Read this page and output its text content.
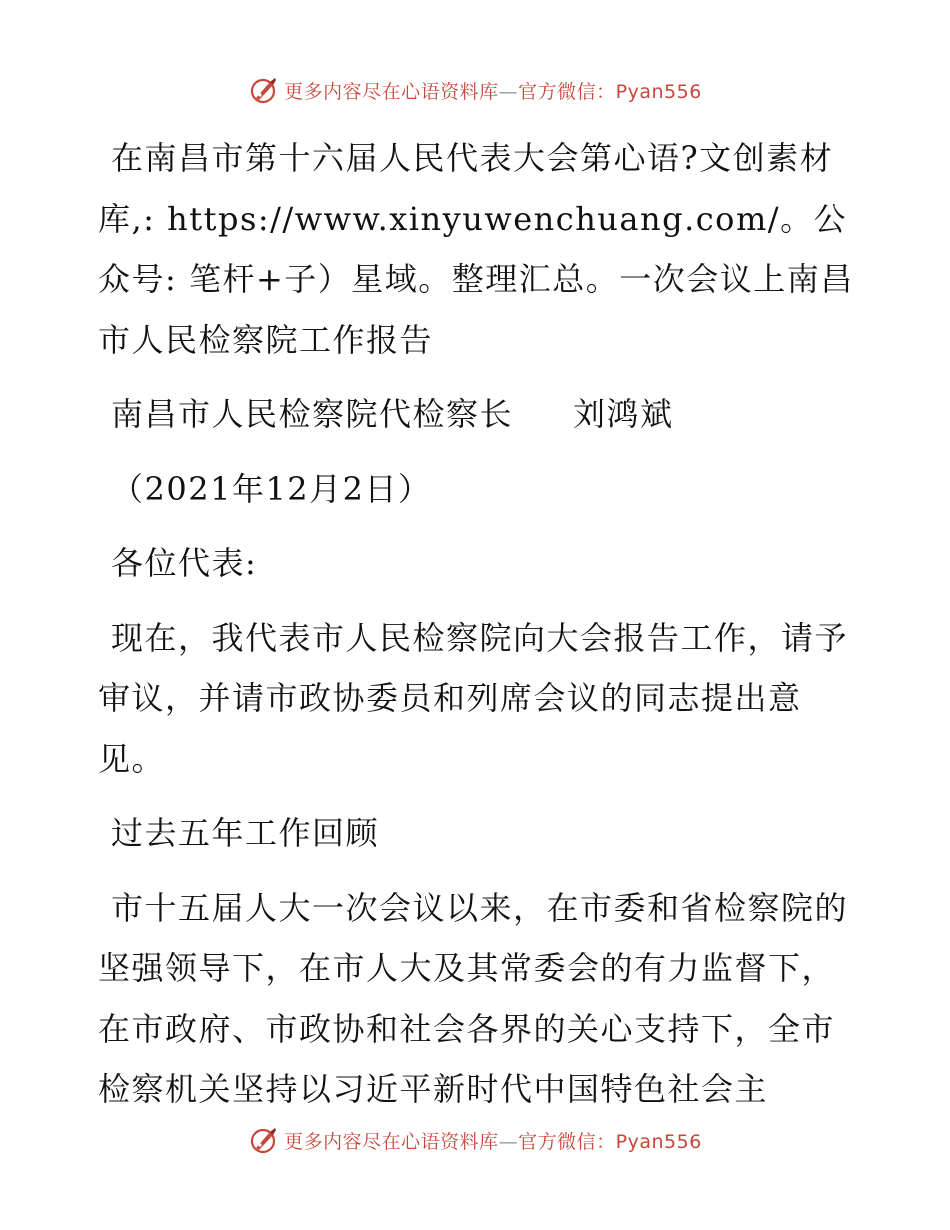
更多内容尽在心语资料库—官方微信：Pyan556

在南昌市第十六届人民代表大会第心语?文创素材库,: https://www.xinyuwenchuang.com/。公众号: 笔杆+子）星域。整理汇总。一次会议上南昌市人民检察院工作报告

南昌市人民检察院代检察长 刘鸿斌

（2021年12月2日）

各位代表:

现在，我代表市人民检察院向大会报告工作，请予审议，并请市政协委员和列席会议的同志提出意见。

过去五年工作回顾

市十五届人大一次会议以来，在市委和省检察院的坚强领导下，在市人大及其常委会的有力监督下，在市政府、市政协和社会各界的关心支持下，全市检察机关坚持以习近平新时代中国特色社会主

更多内容尽在心语资料库—官方微信：Pyan556
